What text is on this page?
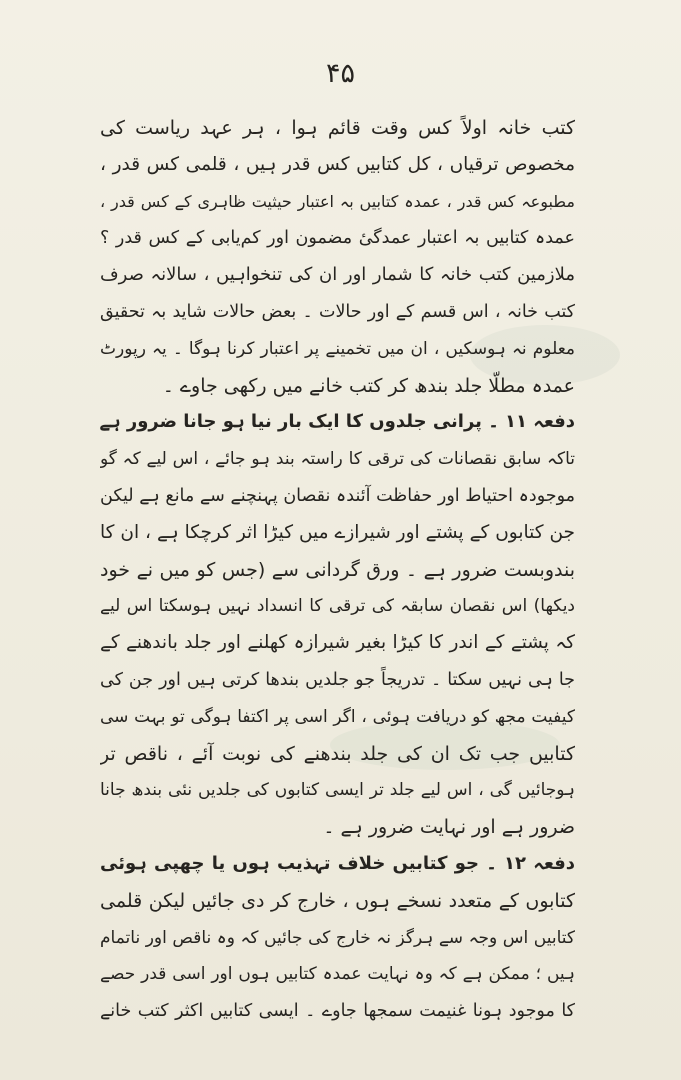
۴۵
کتب خانہ اولاً کس وقت قائم ہوا ، ہر عہد ریاست کی
مخصوص ترقیاں ، کل کتابیں کس قدر ہیں ، قلمی کس قدر ،
مطبوعہ کس قدر ، عمدہ کتابیں بہ اعتبار حیثیت ظاہری کے کس قدر ،
عمدہ کتابیں بہ اعتبار عمدگیٔ مضمون اور کم‌یابی کے کس قدر ؟
ملازمین کتب خانہ کا شمار اور ان کی تنخواہیں ، سالانہ صرف
کتب خانہ ، اس قسم کے اور حالات ۔ بعض حالات شاید بہ تحقیق
معلوم نہ ہوسکیں ، ان میں تخمینے پر اعتبار کرنا ہوگا ۔ یہ رپورٹ
عمدہ مطلّا جلد بندھ کر کتب خانے میں رکھی جاوے ۔
دفعہ ۱۱ ۔ پرانی جلدوں کا ایک بار نیا ہو جانا ضرور ہے
تاکہ سابق نقصانات کی ترقی کا راستہ بند ہو جائے ، اس لیے کہ گو
موجودہ احتیاط اور حفاظت آئندہ نقصان پہنچنے سے مانع ہے لیکن
جن کتابوں کے پشتے اور شیرازے میں کیڑا اثر کرچکا ہے ، ان کا
بندوبست ضرور ہے ۔ ورق گردانی سے (جس کو میں نے خود
دیکھا) اس نقصان سابقہ کی ترقی کا انسداد نہیں ہوسکتا اس لیے
کہ پشتے کے اندر کا کیڑا بغیر شیرازہ کھلنے اور جلد باندھنے کے
جا ہی نہیں سکتا ۔ تدریجاً جو جلدیں بندھا کرتی ہیں اور جن کی
کیفیت مجھ کو دریافت ہوئی ، اگر اسی پر اکتفا ہوگی تو بہت سی
کتابیں جب تک ان کی جلد بندھنے کی نوبت آئے ، ناقص تر
ہوجائیں گی ، اس لیے جلد تر ایسی کتابوں کی جلدیں نئی بندھ جانا
ضرور ہے اور نہایت ضرور ہے ۔
دفعہ ۱۲ ۔ جو کتابیں خلاف تہذیب ہوں یا چھپی ہوئی
کتابوں کے متعدد نسخے ہوں ، خارج کر دی جائیں لیکن قلمی
کتابیں اس وجہ سے ہرگز نہ خارج کی جائیں کہ وہ ناقص اور ناتمام
ہیں ؛ ممکن ہے کہ وہ نہایت عمدہ کتابیں ہوں اور اسی قدر حصے
کا موجود ہونا غنیمت سمجھا جاوے ۔ ایسی کتابیں اکثر کتب خانے
